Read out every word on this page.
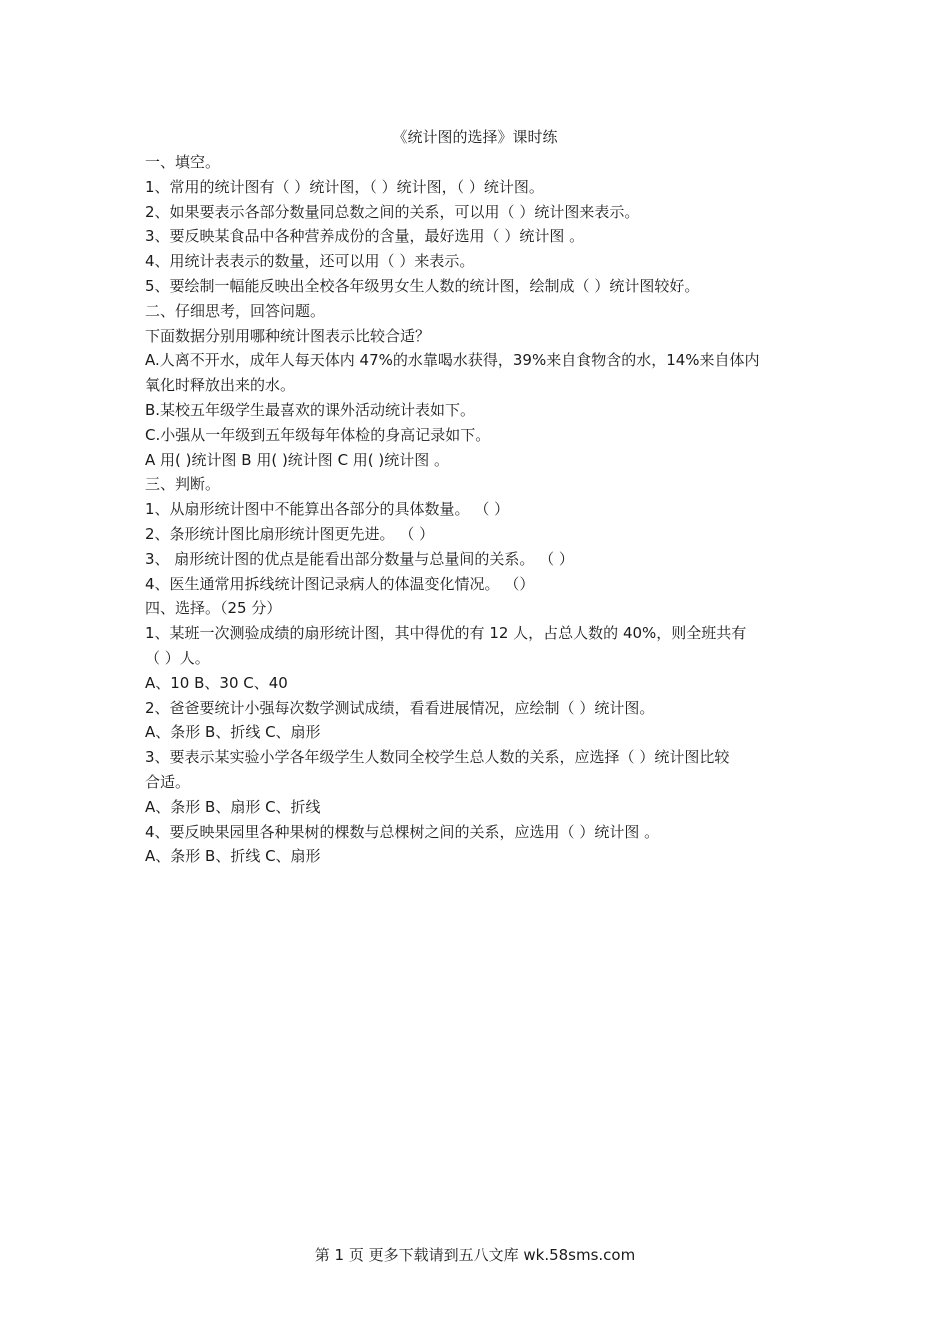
《统计图的选择》课时练
一、填空。
1、常用的统计图有（ ）统计图，（ ）统计图，（ ）统计图。
2、如果要表示各部分数量同总数之间的关系，可以用（ ）统计图来表示。
3、要反映某食品中各种营养成份的含量，最好选用（ ）统计图 。
4、用统计表表示的数量，还可以用（ ）来表示。
5、要绘制一幅能反映出全校各年级男女生人数的统计图，绘制成（ ）统计图较好。
二、仔细思考，回答问题。
下面数据分别用哪种统计图表示比较合适？
A.人离不开水，成年人每天体内 47%的水靠喝水获得，39%来自食物含的水，14%来自体内
氧化时释放出来的水。
B.某校五年级学生最喜欢的课外活动统计表如下。
C.小强从一年级到五年级每年体检的身高记录如下。
A 用( )统计图 B 用( )统计图 C 用( )统计图 。
三、判断。
1、从扇形统计图中不能算出各部分的具体数量。 （ ）
2、条形统计图比扇形统计图更先进。 （ ）
3、 扇形统计图的优点是能看出部分数量与总量间的关系。 （ ）
4、医生通常用拆线统计图记录病人的体温变化情况。 （）
四、选择。（25 分）
1、某班一次测验成绩的扇形统计图，其中得优的有 12 人，占总人数的 40%，则全班共有
（ ）人。
A、10 B、30 C、40
2、爸爸要统计小强每次数学测试成绩，看看进展情况，应绘制（ ）统计图。
A、条形 B、折线 C、扇形
3、要表示某实验小学各年级学生人数同全校学生总人数的关系，应选择（ ）统计图比较
合适。
A、条形 B、扇形 C、折线
4、要反映果园里各种果树的棵数与总棵树之间的关系，应选用（ ）统计图 。
A、条形 B、折线 C、扇形
第 1 页 更多下载请到五八文库 wk.58sms.com
